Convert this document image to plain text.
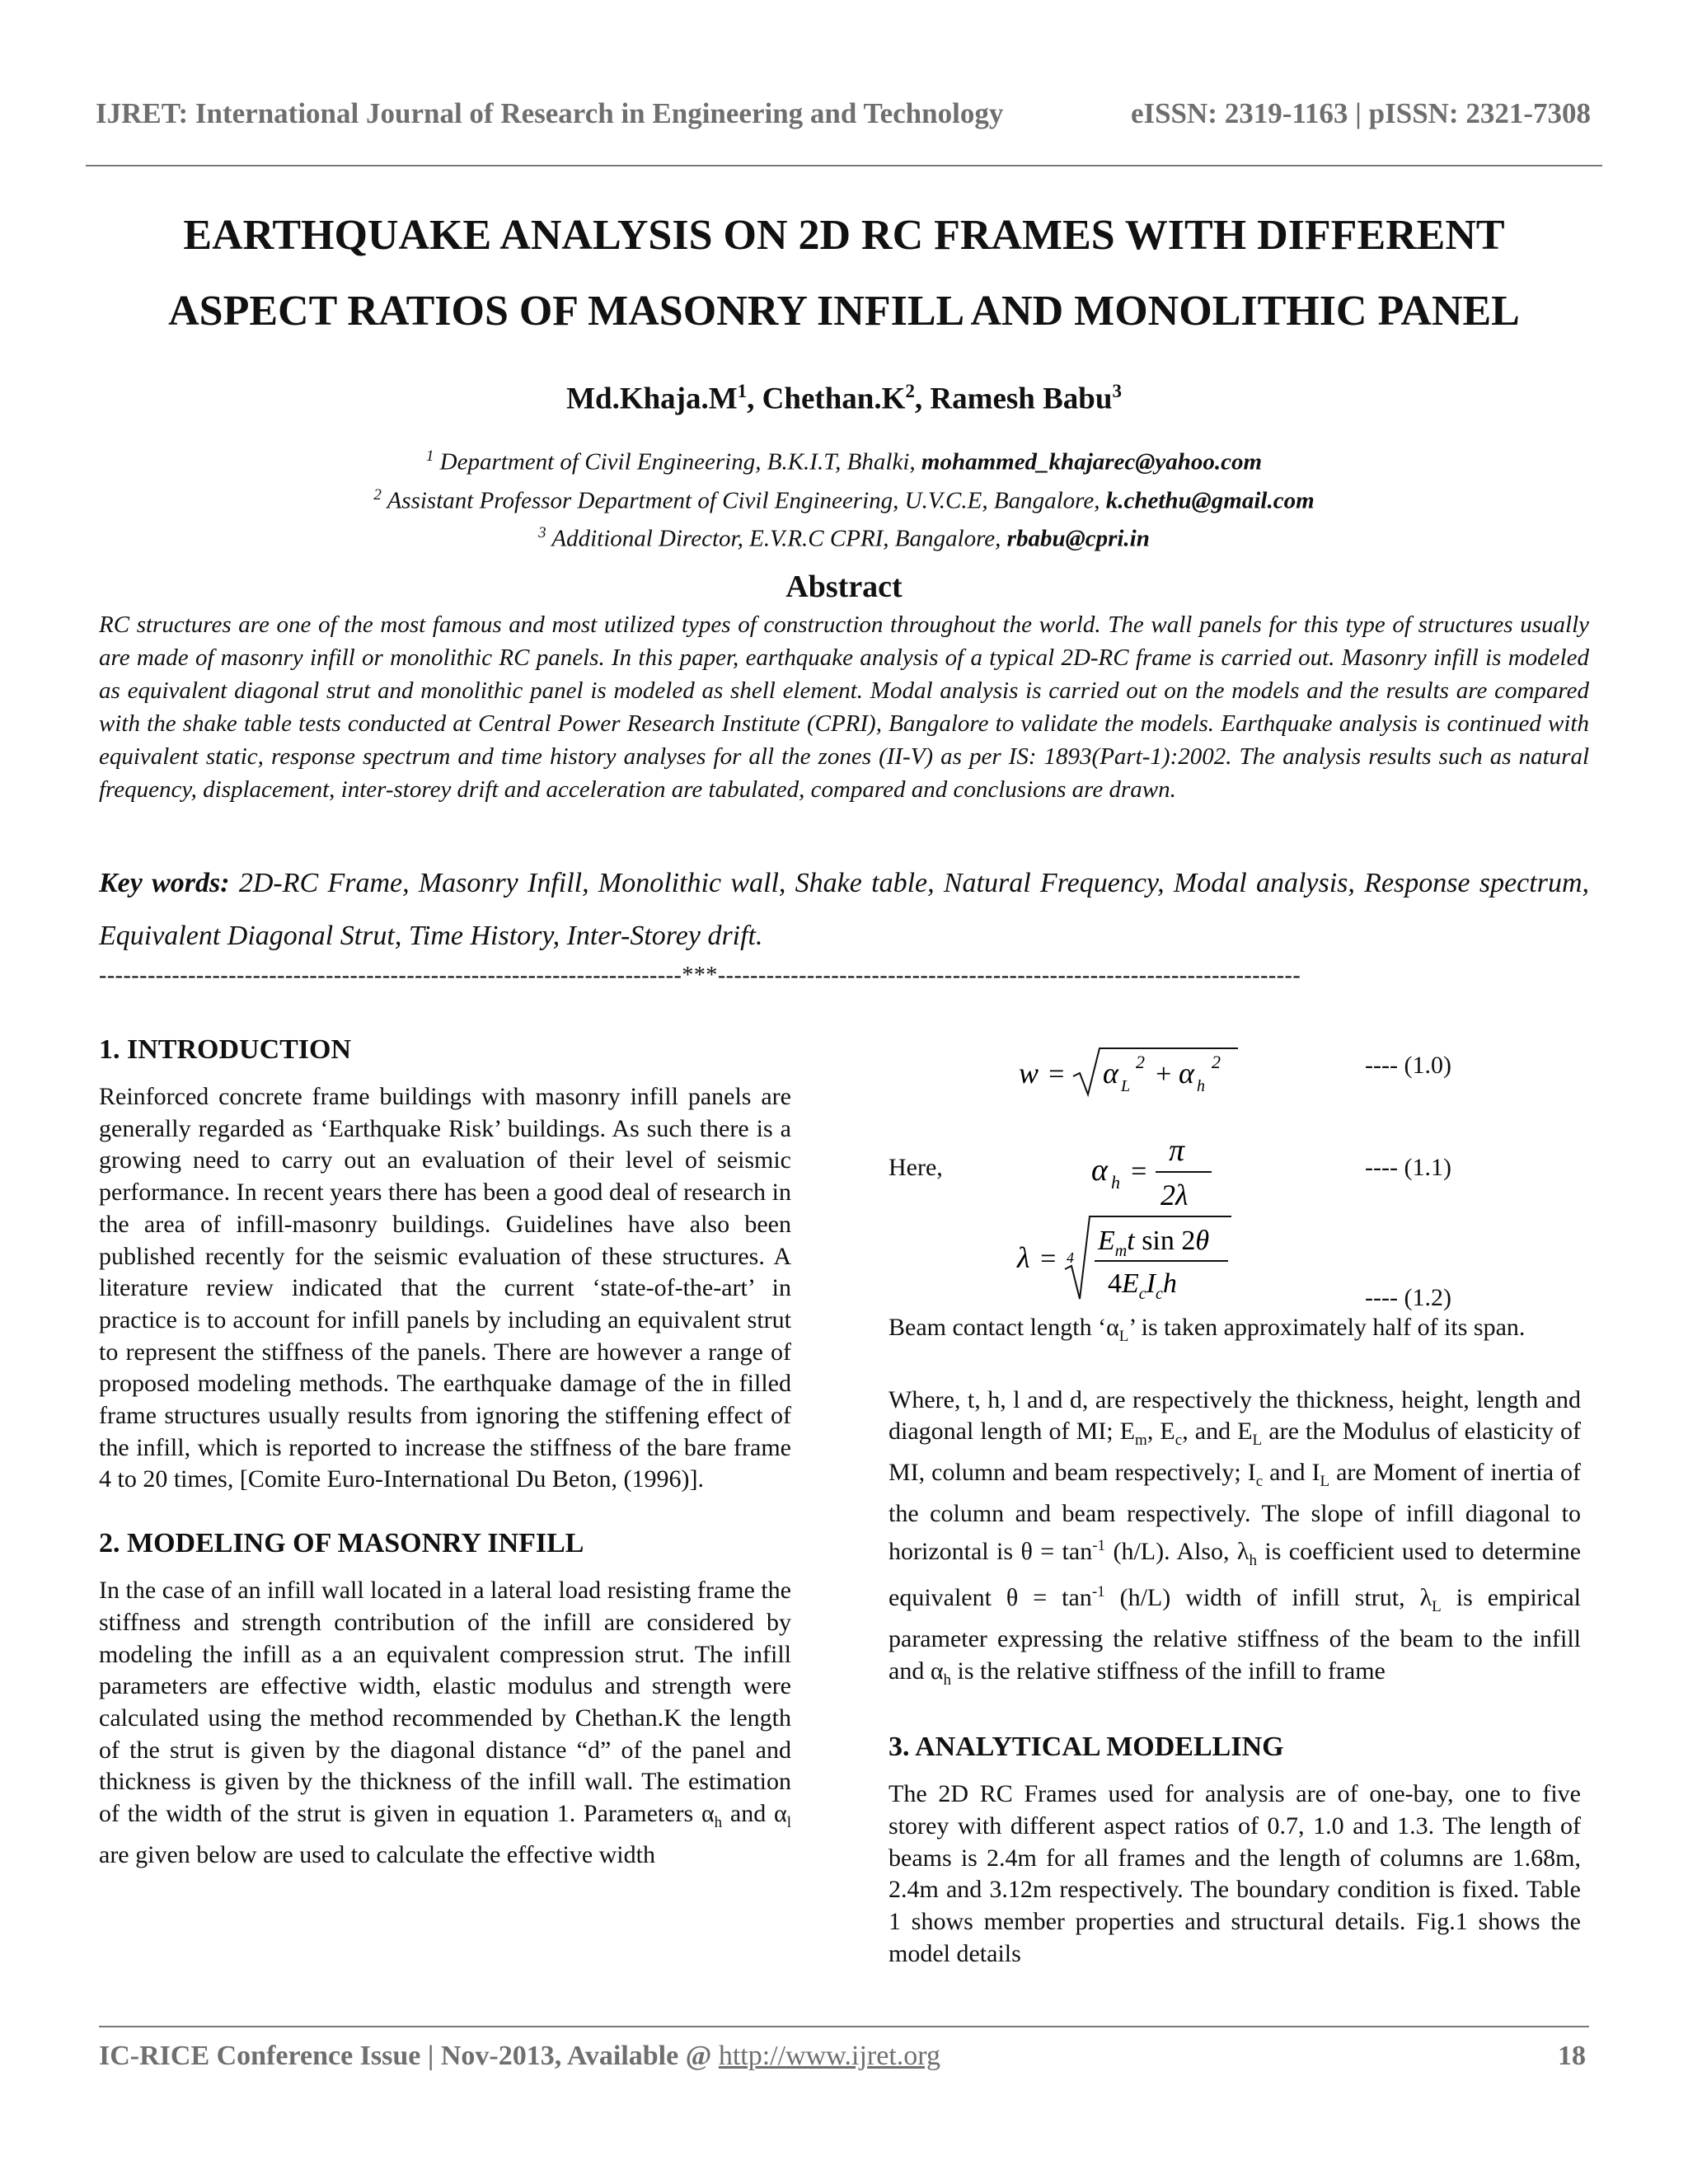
IJRET: International Journal of Research in Engineering and Technology	eISSN: 2319-1163 | pISSN: 2321-7308
EARTHQUAKE ANALYSIS ON 2D RC FRAMES WITH DIFFERENT
ASPECT RATIOS OF MASONRY INFILL AND MONOLITHIC PANEL
$Md.Khaja.M^1$, $Chethan.K^2$, Ramesh Babu$^3$
$^1$ Department of Civil Engineering, B.K.I.T, Bhalki, mohammed_khajarec@yahoo.com
$^2$ Assistant Professor Department of Civil Engineering, U.V.C.E, Bangalore, k.chethu@gmail.com
$^3$ Additional Director, E.V.R.C CPRI, Bangalore, rbabu@cpri.in
Abstract
RC structures are one of the most famous and most utilized types of construction throughout the world. The wall panels for this type of structures usually are made of masonry infill or monolithic RC panels. In this paper, earthquake analysis of a typical 2D-RC frame is carried out. Masonry infill is modeled as equivalent diagonal strut and monolithic panel is modeled as shell element. Modal analysis is carried out on the models and the results are compared with the shake table tests conducted at Central Power Research Institute (CPRI), Bangalore to validate the models. Earthquake analysis is continued with equivalent static, response spectrum and time history analyses for all the zones (II-V) as per IS: 1893(Part-1):2002. The analysis results such as natural frequency, displacement, inter-storey drift and acceleration are tabulated, compared and conclusions are drawn.
Key words: 2D-RC Frame, Masonry Infill, Monolithic wall, Shake table, Natural Frequency, Modal analysis, Response spectrum, Equivalent Diagonal Strut, Time History, Inter-Storey drift.
------------------------------------------------------------------------***------------------------------------------------------------------------
1. INTRODUCTION

Reinforced concrete frame buildings with masonry infill panels are generally regarded as ‘Earthquake Risk’ buildings. As such there is a growing need to carry out an evaluation of their level of seismic performance. In recent years there has been a good deal of research in the area of infill-masonry buildings. Guidelines have also been published recently for the seismic evaluation of these structures. A literature review indicated that the current ‘state-of-the-art’ in practice is to account for infill panels by including an equivalent strut to represent the stiffness of the panels. There are however a range of proposed modeling methods. The earthquake damage of the in filled frame structures usually results from ignoring the stiffening effect of the infill, which is reported to increase the stiffness of the bare frame 4 to 20 times, [Comite Euro-International Du Beton, (1996)].

2. MODELING OF MASONRY INFILL

In the case of an infill wall located in a lateral load resisting frame the stiffness and strength contribution of the infill are considered by modeling the infill as a an equivalent compression strut. The infill parameters are effective width, elastic modulus and strength were calculated using the method recommended by Chethan.K the length of the strut is given by the diagonal distance “d” of the panel and thickness is given by the thickness of the infill wall. The estimation of the width of the strut is given in equation 1. Parameters $\alpha_h$ and $\alpha_l$ are given below are used to calculate the effective width

w = α L
2 + α h
2	---- (1.0)
Here,	α h =
π
2λ
---- (1.1)
λ = 4
$E_mt$ sin 2θ
$4E_cI_ch$	---- (1.2)

Beam contact length ‘$\alpha_L$’ is taken approximately half of its span.

Where, t, h, l and d, are respectively the thickness, height, length and diagonal length of MI; $E_m$, $E_c$, and $E_L$ are the Modulus of elasticity of MI, column and beam respectively; $I_c$ and $I_L$ are Moment of inertia of the column and beam respectively. The slope of infill diagonal to horizontal is $\theta = \tan^{-1} (h/L)$. Also, $\lambda_h$ is coefficient used to determine equivalent $\theta = \tan^{-1} (h/L)$ width of infill strut, $\lambda_L$ is empirical parameter expressing the relative stiffness of the beam to the infill and $\alpha_h$ is the relative stiffness of the infill to frame

3. ANALYTICAL MODELLING

The 2D RC Frames used for analysis are of one-bay, one to five storey with different aspect ratios of 0.7, 1.0 and 1.3. The length of beams is 2.4m for all frames and the length of columns are 1.68m, 2.4m and 3.12m respectively. The boundary condition is fixed. Table 1 shows member properties and structural details. Fig.1 shows the model details

IC-RICE Conference Issue | Nov-2013, Available @ http://www.ijret.org	18
